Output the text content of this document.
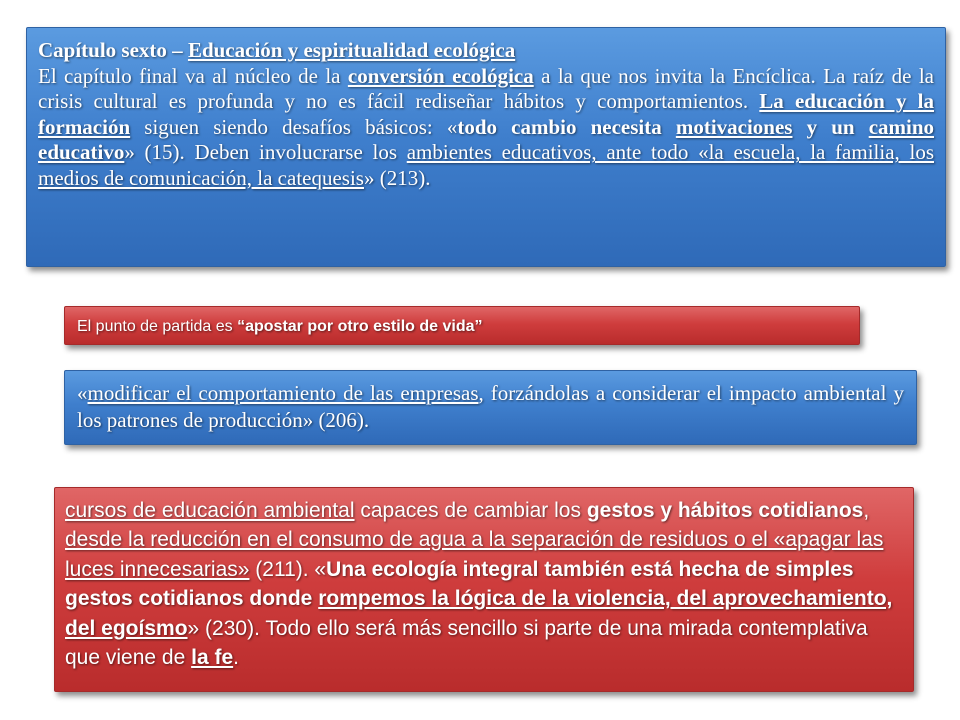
Capítulo sexto – Educación y espiritualidad ecológica
El capítulo final va al núcleo de la conversión ecológica a la que nos invita la Encíclica. La raíz de la crisis cultural es profunda y no es fácil rediseñar hábitos y comportamientos. La educación y la formación siguen siendo desafíos básicos: «todo cambio necesita motivaciones y un camino educativo» (15). Deben involucrarse los ambientes educativos, ante todo «la escuela, la familia, los medios de comunicación, la catequesis» (213).
El punto de partida es “apostar por otro estilo de vida”
«modificar el comportamiento de las empresas, forzándolas a considerar el impacto ambiental y los patrones de producción» (206).
cursos de educación ambiental capaces de cambiar los gestos y hábitos cotidianos, desde la reducción en el consumo de agua a la separación de residuos o el «apagar las luces innecesarias» (211). «Una ecología integral también está hecha de simples gestos cotidianos donde rompemos la lógica de la violencia, del aprovechamiento, del egoísmo» (230). Todo ello será más sencillo si parte de una mirada contemplativa que viene de la fe.
